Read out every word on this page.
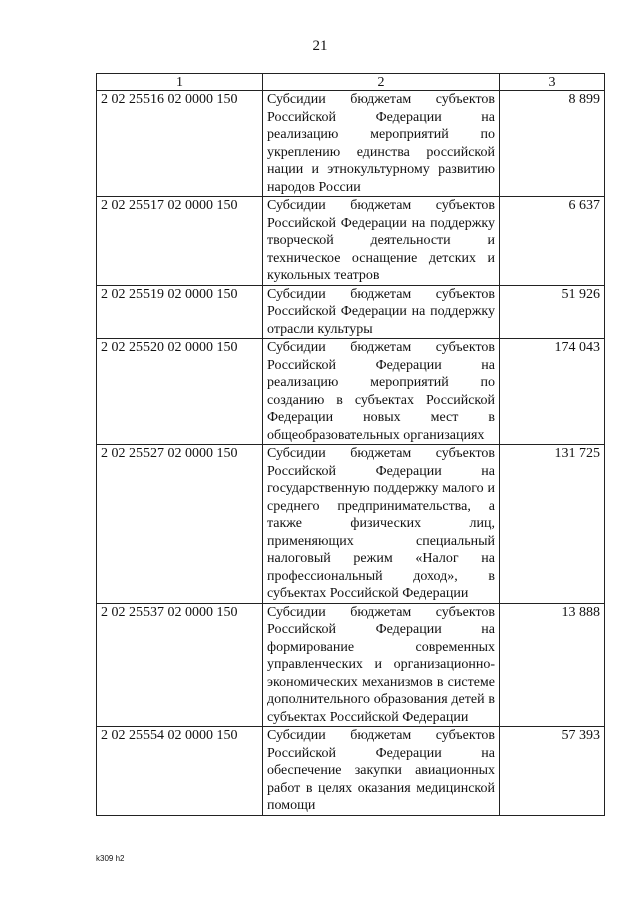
21
1	2	3
2 02 25516 02 0000 150	Субсидии бюджетам субъектов Российской Федерации на реализацию мероприятий по укреплению единства российской нации и этнокультурному развитию народов России	8 899
2 02 25517 02 0000 150	Субсидии бюджетам субъектов Российской Федерации на поддержку творческой деятельности и техническое оснащение детских и кукольных театров	6 637
2 02 25519 02 0000 150	Субсидии бюджетам субъектов Российской Федерации на поддержку отрасли культуры	51 926
2 02 25520 02 0000 150	Субсидии бюджетам субъектов Российской Федерации на реализацию мероприятий по созданию в субъектах Российской Федерации новых мест в общеобразовательных организациях	174 043
2 02 25527 02 0000 150	Субсидии бюджетам субъектов Российской Федерации на государственную поддержку малого и среднего предпринимательства, а также физических лиц, применяющих специальный налоговый режим «Налог на профессиональный доход», в субъектах Российской Федерации	131 725
2 02 25537 02 0000 150	Субсидии бюджетам субъектов Российской Федерации на формирование современных управленческих и организационно-экономических механизмов в системе дополнительного образования детей в субъектах Российской Федерации	13 888
2 02 25554 02 0000 150	Субсидии бюджетам субъектов Российской Федерации на обеспечение закупки авиационных работ в целях оказания медицинской помощи	57 393
k309 h2
